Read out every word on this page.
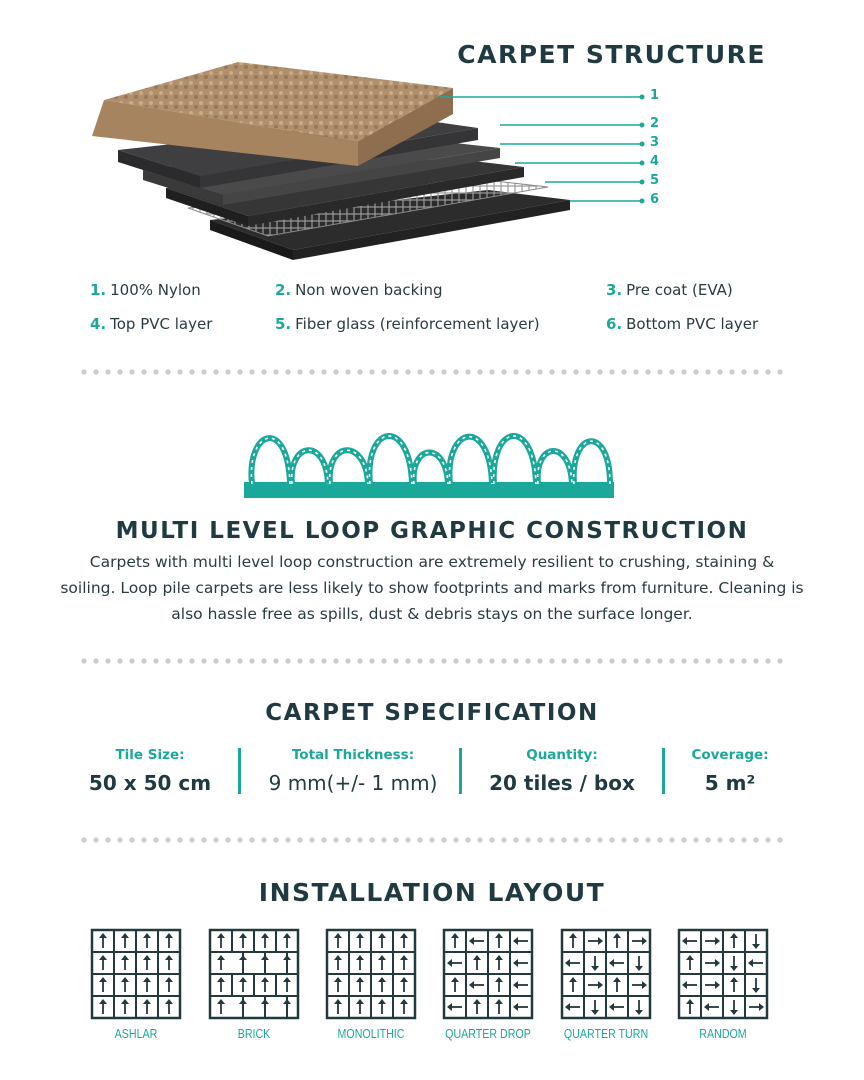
CARPET STRUCTURE
1
2
3
4
5
6
1. 100% Nylon	2. Non woven backing	3. Pre coat (EVA)
4. Top PVC layer	5. Fiber glass (reinforcement layer)	6. Bottom PVC layer
MULTI LEVEL LOOP GRAPHIC CONSTRUCTION
Carpets with multi level loop construction are extremely resilient to crushing, staining & soiling. Loop pile carpets are less likely to show footprints and marks from furniture. Cleaning is also hassle free as spills, dust & debris stays on the surface longer.
CARPET SPECIFICATION
Tile Size:
50 x 50 cm
Total Thickness:
9 mm(+/- 1 mm)
Quantity:
20 tiles / box
Coverage:
5 m²
INSTALLATION LAYOUT
ASHLAR	BRICK	MONOLITHIC	QUARTER DROP	QUARTER TURN	RANDOM
